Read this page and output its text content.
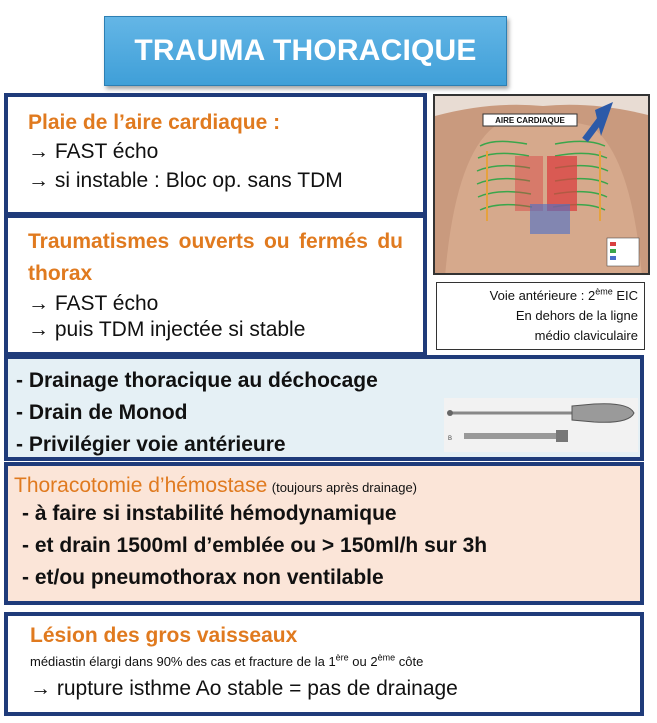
TRAUMA THORACIQUE
Plaie de l’aire cardiaque :
→ FAST écho
→ si instable : Bloc op. sans TDM
Traumatismes ouverts ou fermés du thorax
→ FAST écho
→ puis TDM injectée si stable
AIRE CARDIAQUE
Voie antérieure : 2ème EIC
En dehors de la ligne
médio claviculaire
- Drainage thoracique au déchocage
- Drain de Monod
- Privilégier voie antérieure	B
Thoracotomie d’hémostase (toujours après drainage)
- à faire si instabilité hémodynamique
- et drain 1500ml d’emblée ou > 150ml/h sur 3h
- et/ou pneumothorax non ventilable
Lésion des gros vaisseaux
médiastin élargi dans 90% des cas et fracture de la 1ère ou 2ème côte
→ rupture isthme Ao stable = pas de drainage
